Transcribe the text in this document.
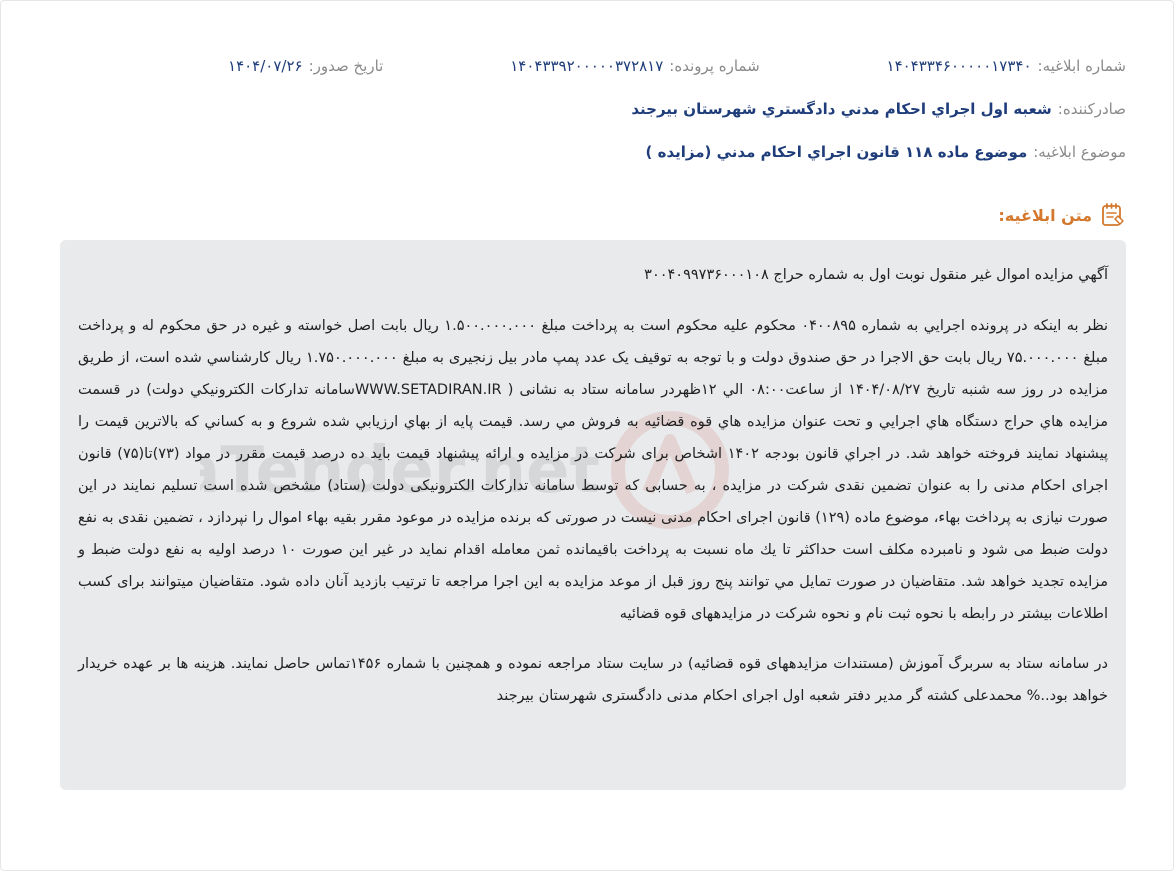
شماره ابلاغيه:
۱۴۰۴۳۳۴۶۰۰۰۰۰۱۷۳۴۰
شماره پرونده:
۱۴۰۴۳۳۹۲۰۰۰۰۰۳۷۲۸۱۷
تاريخ صدور:
۱۴۰۴/۰۷/۲۶
صادرکننده:
شعبه اول اجراي احكام مدني دادگستري شهرستان بيرجند
موضوع ابلاغيه:
موضوع ماده ۱۱۸ قانون اجراي احكام مدني (مزايده )
متن ابلاغيه:
Tender.net
آگهي مزايده اموال غير منقول نوبت اول به شماره حراج ۳۰۰۴۰۹۹۷۳۶۰۰۰۱۰۸

نظر به اينكه در پرونده اجرايي به شماره ۰۴۰۰۸۹۵ محكوم عليه محكوم است به پرداخت مبلغ ۱.۵۰۰.۰۰۰.۰۰۰ ريال بابت اصل خواسته و غيره در حق محكوم له و پرداخت مبلغ ۷۵.۰۰۰.۰۰۰ ريال بابت حق الاجرا در حق صندوق دولت و با توجه به توقيف يک عدد پمپ مادر بيل زنجيرى به مبلغ ۱.۷۵۰.۰۰۰.۰۰۰ ريال كارشناسي شده است، از طريق مزايده در روز سه شنبه تاريخ ۱۴۰۴/۰۸/۲۷ از ساعت۰۸:۰۰ الي ۱۲ظهردر سامانه ستاد به نشانی ( WWW.SETADIRAN.IRسامانه تداركات الكترونيكي دولت) در قسمت مزايده هاي حراج دستگاه هاي اجرايي و تحت عنوان مزايده هاي قوه قضائيه به فروش مي رسد. قيمت پايه از بهاي ارزيابي شده شروع و به كساني كه بالاترين قيمت را پيشنهاد نمايند فروخته خواهد شد. در اجراي قانون بودجه ۱۴۰۲ اشخاص برای شرکت در مزایده و ارائه پیشنهاد قیمت باید ده درصد قیمت مقرر در مواد (۷۳)تا(۷۵) قانون اجرای احکام مدنی را به عنوان تضمین نقدی شرکت در مزایده ، به حسابی که توسط سامانه تدارکات الکترونیکی دولت (ستاد) مشخص شده است تسلیم نمایند در این صورت نیازی به پرداخت بهاء، موضوع ماده (۱۲۹) قانون اجرای احکام مدنی نیست در صورتی که برنده مزایده در موعود مقرر بقیه بهاء اموال را نپردازد ، تضمین نقدی به نفع دولت ضبط می شود و نامبرده مكلف است حداكثر تا يك ماه نسبت به پرداخت باقيمانده ثمن معامله اقدام نمايد در غير اين صورت ۱۰ درصد اوليه به نفع دولت ضبط و مزايده تجديد خواهد شد. متقاضيان در صورت تمايل مي توانند پنج روز قبل از موعد مزايده به اين اجرا مراجعه تا ترتيب بازديد آنان داده شود. متقاضیان میتوانند برای کسب اطلاعات بیشتر در رابطه با نحوه ثبت نام و نحوه شرکت در مزایدههای قوه قضائیه

در سامانه ستاد به سربرگ آموزش (مستندات مزایدههای قوه قضائیه) در سایت ستاد مراجعه نموده و همچنین با شماره ۱۴۵۶تماس حاصل نمایند. هزینه ها بر عهده خریدار خواهد بود..% محمدعلی کشته گر مدیر دفتر شعبه اول اجرای احکام مدنی دادگستری شهرستان بیرجند
